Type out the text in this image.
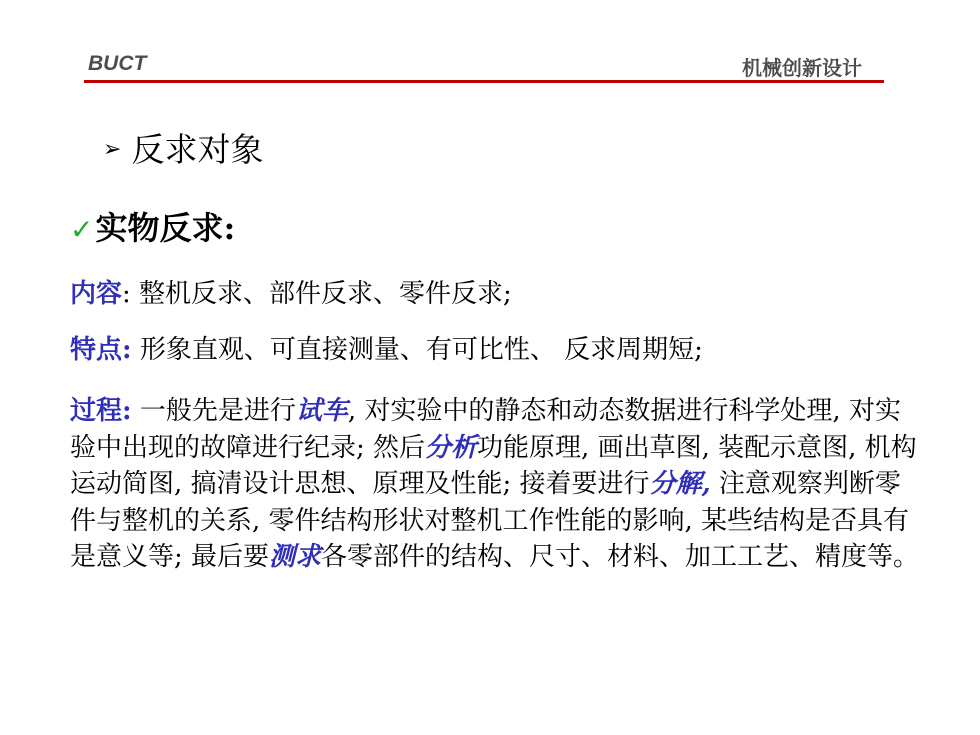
BUCT	机械创新设计
➢ 反求对象
✓实物反求:
内容: 整机反求、部件反求、零件反求;
特点: 形象直观、可直接测量、有可比性、 反求周期短;
过程: 一般先是进行试车, 对实验中的静态和动态数据进行科学处理, 对实验中出现的故障进行纪录; 然后分析功能原理, 画出草图, 装配示意图, 机构运动简图, 搞清设计思想、原理及性能; 接着要进行分解, 注意观察判断零件与整机的关系, 零件结构形状对整机工作性能的影响, 某些结构是否具有是意义等; 最后要测求各零部件的结构、尺寸、材料、加工工艺、精度等。
